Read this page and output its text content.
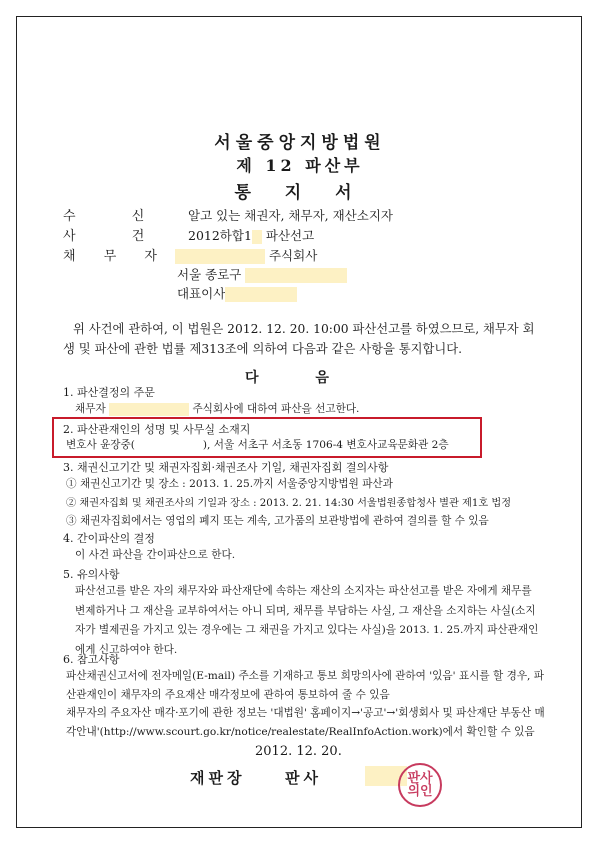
서울중앙지방법원
제 12 파산부
통 지 서
수 신 알고 있는 채권자, 채무자, 재산소지자
사 건 2012하합1 파산선고
채 무 자	주식회사
서울 종로구
대표이사
위 사건에 관하여, 이 법원은 2012. 12. 20. 10:00 파산선고를 하였으므로, 채무자 회생 및 파산에 관한 법률 제313조에 의하여 다음과 같은 사항을 통지합니다.
다 음
1. 파산결정의 주문
채무자	주식회사에 대하여 파산을 선고한다.
2. 파산관재인의 성명 및 사무실 소재지
변호사 윤장중(	), 서울 서초구 서초동 1706-4 변호사교육문화관 2층
3. 채권신고기간 및 채권자집회·채권조사 기일, 채권자집회 결의사항
① 채권신고기간 및 장소 : 2013. 1. 25.까지 서울중앙지방법원 파산과
② 채권자집회 및 채권조사의 기일과 장소 : 2013. 2. 21. 14:30 서울법원종합청사 별관 제1호 법정
③ 채권자집회에서는 영업의 폐지 또는 계속, 고가품의 보관방법에 관하여 결의를 할 수 있음
4. 간이파산의 결정
이 사건 파산을 간이파산으로 한다.
5. 유의사항
파산선고를 받은 자의 채무자와 파산재단에 속하는 재산의 소지자는 파산선고를 받은 자에게 채무를 변제하거나 그 재산을 교부하여서는 아니 되며, 채무를 부담하는 사실, 그 재산을 소지하는 사실(소지자가 별제권을 가지고 있는 경우에는 그 채권을 가지고 있다는 사실)을 2013. 1. 25.까지 파산관재인에게 신고하여야 한다.
6. 참고사항
파산채권신고서에 전자메일(E-mail) 주소를 기재하고 통보 희망의사에 관하여 '있음' 표시를 할 경우, 파산관재인이 채무자의 주요재산 매각정보에 관하여 통보하여 줄 수 있음
채무자의 주요자산 매각·포기에 관한 정보는 '대법원' 홈페이지→'공고'→'회생회사 및 파산재단 부동산 매각안내'(http://www.scourt.go.kr/notice/realestate/RealInfoAction.work)에서 확인할 수 있음
2012. 12. 20.
재판장	판사	판사
의인
